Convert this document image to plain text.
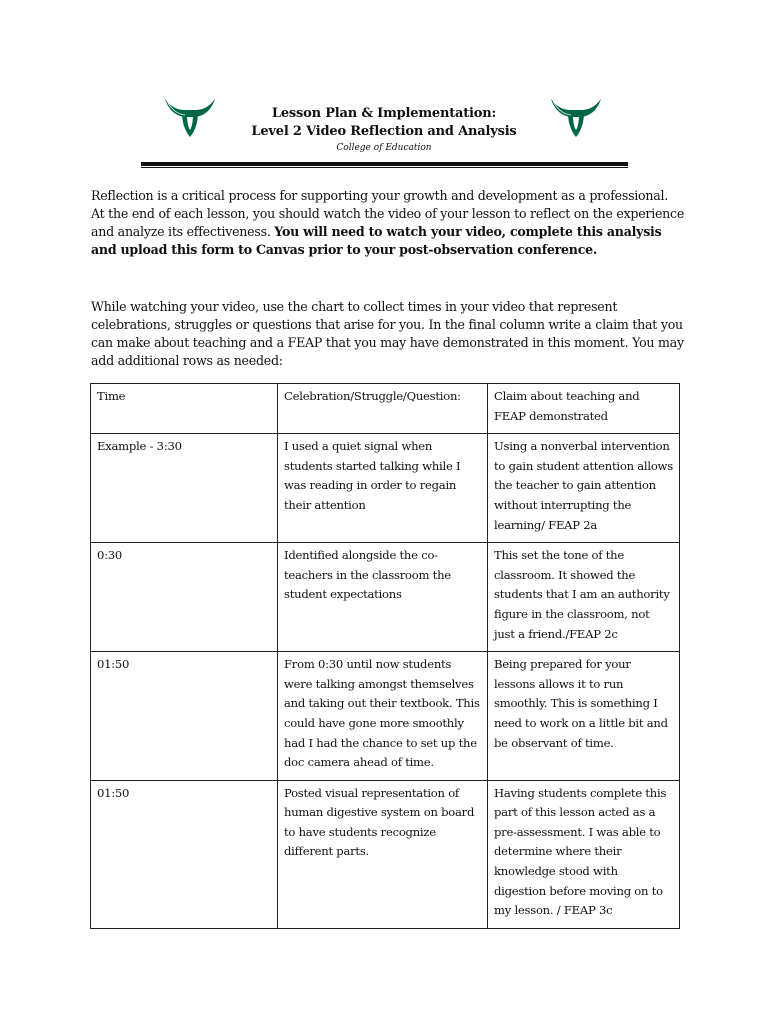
Lesson Plan & Implementation:
Level 2 Video Reflection and Analysis
College of Education

Reflection is a critical process for supporting your growth and development as a professional. At the end of each lesson, you should watch the video of your lesson to reflect on the experience and analyze its effectiveness. You will need to watch your video, complete this analysis and upload this form to Canvas prior to your post-observation conference.

While watching your video, use the chart to collect times in your video that represent celebrations, struggles or questions that arise for you. In the final column write a claim that you can make about teaching and a FEAP that you may have demonstrated in this moment. You may add additional rows as needed:

Time	Celebration/Struggle/Question:	Claim about teaching and FEAP demonstrated
Example - 3:30	I used a quiet signal when students started talking while I was reading in order to regain their attention	Using a nonverbal intervention to gain student attention allows the teacher to gain attention without interrupting the learning/ FEAP 2a
0:30	Identified alongside the co-teachers in the classroom the student expectations	This set the tone of the classroom. It showed the students that I am an authority figure in the classroom, not just a friend./FEAP 2c
01:50	From 0:30 until now students were talking amongst themselves and taking out their textbook. This could have gone more smoothly had I had the chance to set up the doc camera ahead of time.	Being prepared for your lessons allows it to run smoothly. This is something I need to work on a little bit and be observant of time.
01:50	Posted visual representation of human digestive system on board to have students recognize different parts.	Having students complete this part of this lesson acted as a pre-assessment. I was able to determine where their knowledge stood with digestion before moving on to my lesson. / FEAP 3c
